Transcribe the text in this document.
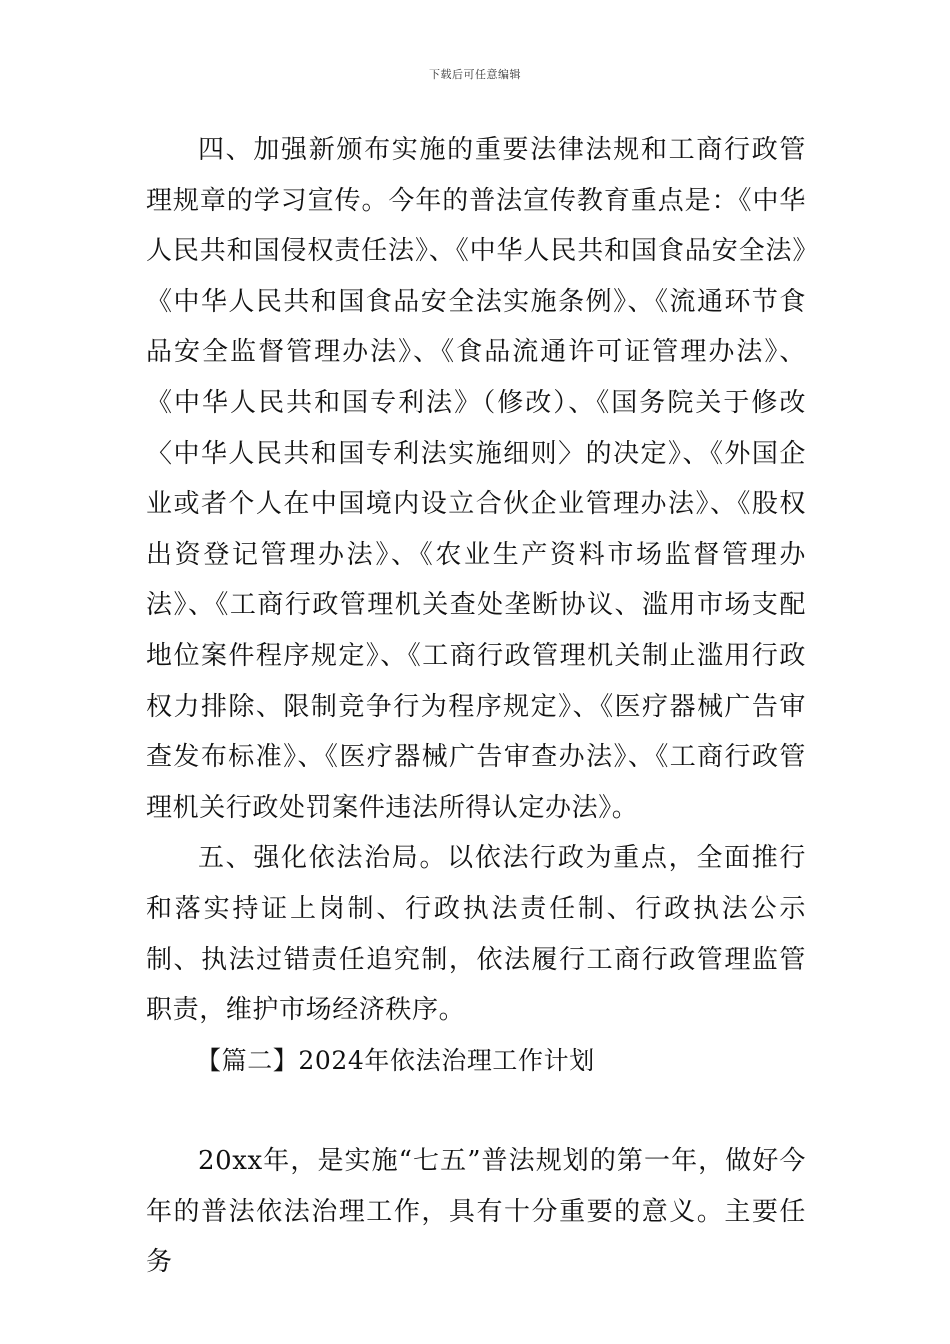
下载后可任意编辑

四、加强新颁布实施的重要法律法规和工商行政管理规章的学习宣传。今年的普法宣传教育重点是：《中华人民共和国侵权责任法》、《中华人民共和国食品安全法》《中华人民共和国食品安全法实施条例》、《流通环节食品安全监督管理办法》、《食品流通许可证管理办法》、《中华人民共和国专利法》（修改）、《国务院关于修改〈中华人民共和国专利法实施细则〉的决定》、《外国企业或者个人在中国境内设立合伙企业管理办法》、《股权出资登记管理办法》、《农业生产资料市场监督管理办法》、《工商行政管理机关查处垄断协议、滥用市场支配地位案件程序规定》、《工商行政管理机关制止滥用行政权力排除、限制竞争行为程序规定》、《医疗器械广告审查发布标准》、《医疗器械广告审查办法》、《工商行政管理机关行政处罚案件违法所得认定办法》。

五、强化依法治局。以依法行政为重点，全面推行和落实持证上岗制、行政执法责任制、行政执法公示制、执法过错责任追究制，依法履行工商行政管理监管职责，维护市场经济秩序。

【篇二】2024年依法治理工作计划

20xx年，是实施“七五”普法规划的第一年，做好今年的普法依法治理工作，具有十分重要的意义。主要任务
